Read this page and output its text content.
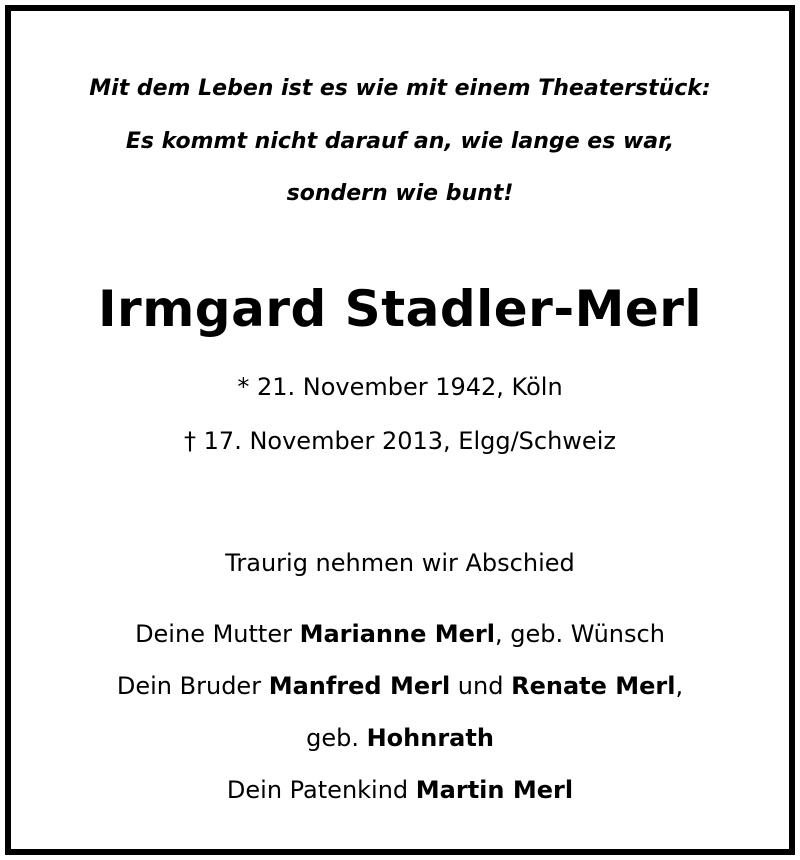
Mit dem Leben ist es wie mit einem Theaterstück:
Es kommt nicht darauf an, wie lange es war,
sondern wie bunt!
Irmgard Stadler-Merl
* 21. November 1942, Köln
† 17. November 2013, Elgg/Schweiz
Traurig nehmen wir Abschied
Deine Mutter Marianne Merl, geb. Wünsch
Dein Bruder Manfred Merl und Renate Merl,
geb. Hohnrath
Dein Patenkind Martin Merl
